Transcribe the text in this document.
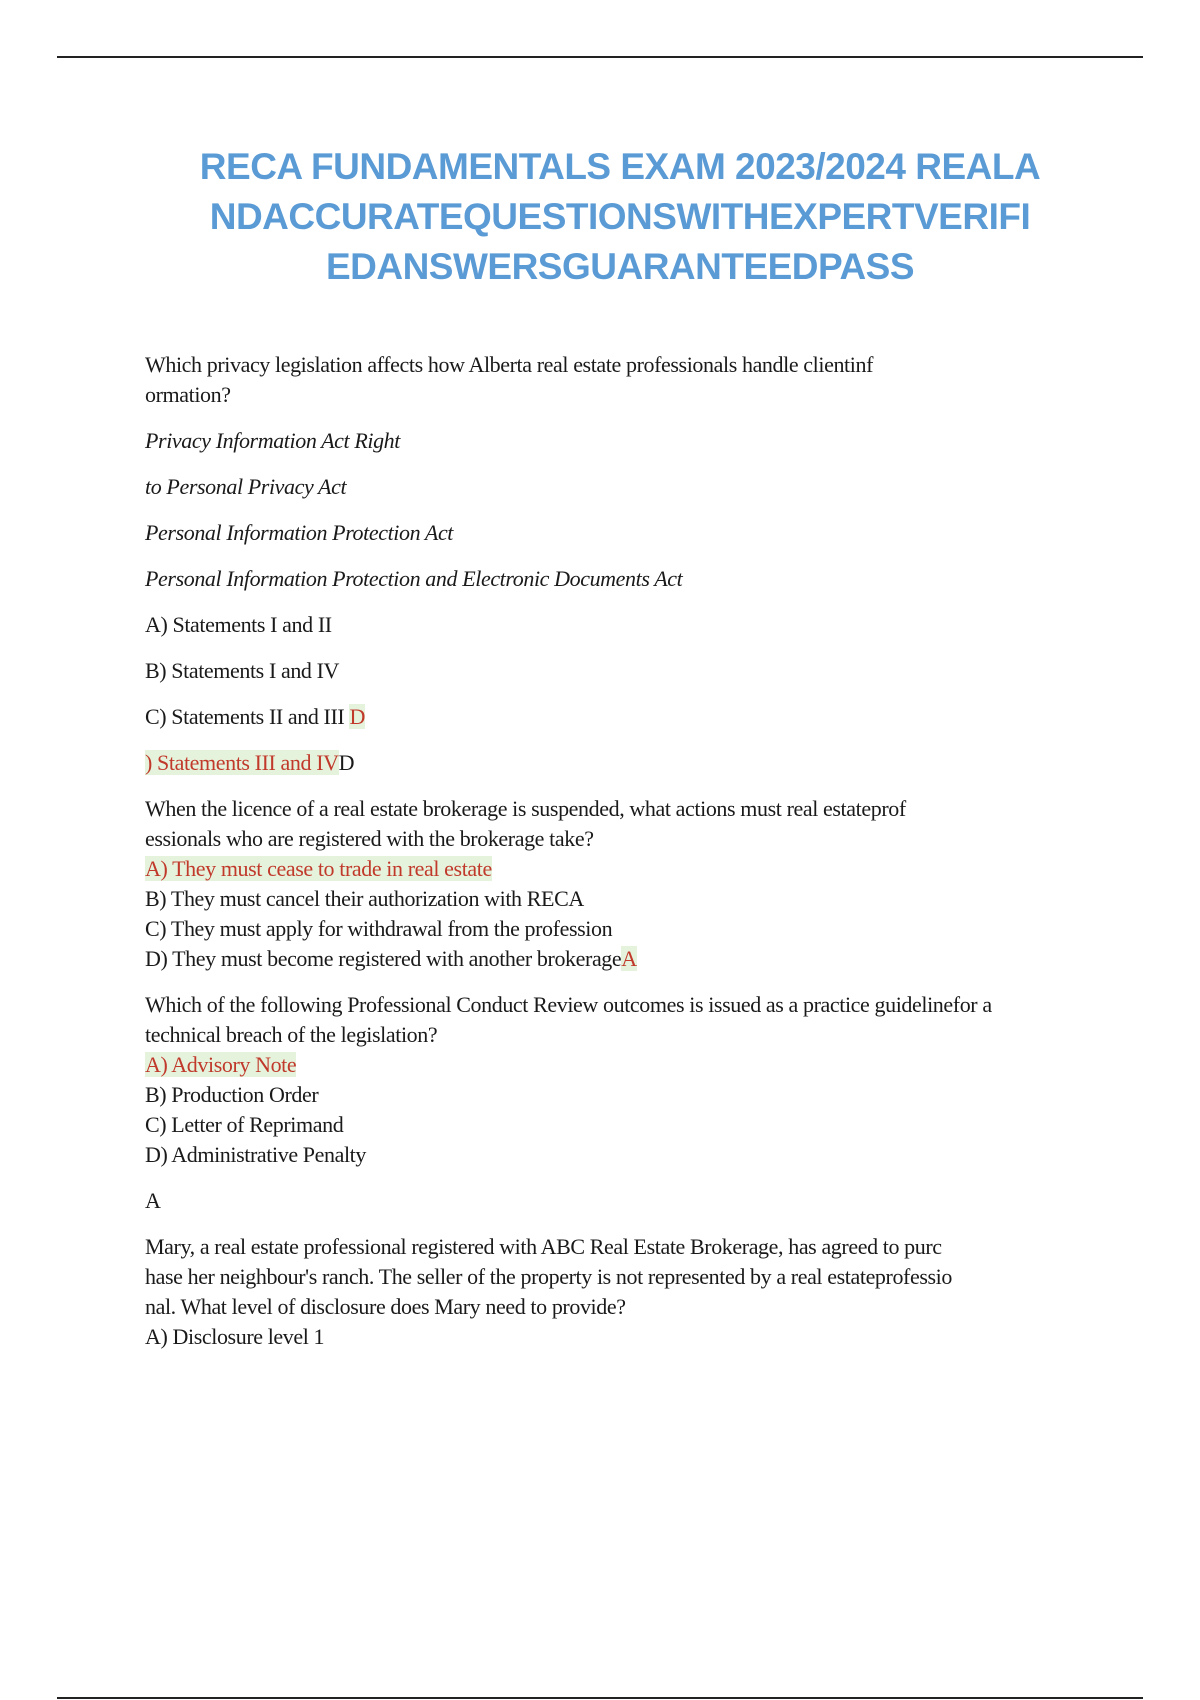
RECA FUNDAMENTALS EXAM 2023/2024 REALA
NDACCURATEQUESTIONSWITHEXPERTVERIFI
EDANSWERSGUARANTEEDPASS
Which privacy legislation affects how Alberta real estate professionals handle clientinf
ormation?
Privacy Information Act Right
to Personal Privacy Act
Personal Information Protection Act
Personal Information Protection and Electronic Documents Act
A) Statements I and II
B) Statements I and IV
C) Statements II and III D
) Statements III and IVD
When the licence of a real estate brokerage is suspended, what actions must real estateprof
essionals who are registered with the brokerage take?
A) They must cease to trade in real estate
B) They must cancel their authorization with RECA
C) They must apply for withdrawal from the profession
D) They must become registered with another brokerageA
Which of the following Professional Conduct Review outcomes is issued as a practice guidelinefor a
technical breach of the legislation?
A) Advisory Note
B) Production Order
C) Letter of Reprimand
D) Administrative Penalty
A
Mary, a real estate professional registered with ABC Real Estate Brokerage, has agreed to purc
hase her neighbour's ranch. The seller of the property is not represented by a real estateprofessio
nal. What level of disclosure does Mary need to provide?
A) Disclosure level 1
